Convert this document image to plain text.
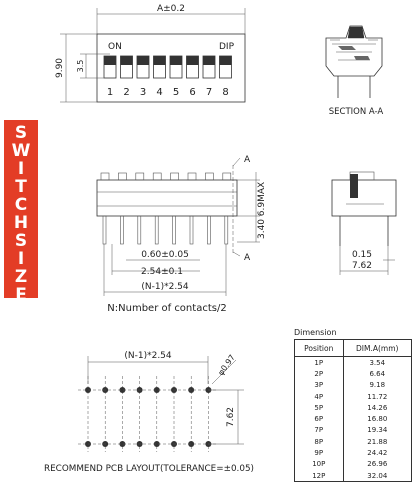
S
W
I
T
C
H
S
I
Z
E
A±0.2
ON	DIP
1 2 3 4 5 6 7 8
9.90 3.5
SECTION A-A
A
A
6.9MAX
3.40
0.60±0.05
2.54±0.1
(N-1)*2.54
N:Number of contacts/2
0.15
7.62
(N-1)*2.54	φ0.97
7.62
RECOMMEND PCB LAYOUT(TOLERANCE=±0.05)
Dimension
Position	DIM.A(mm)
1P	3.54
2P	6.64
3P	9.18
4P	11.72
5P	14.26
6P	16.80
7P	19.34
8P	21.88
9P	24.42
10P	26.96
12P	32.04
